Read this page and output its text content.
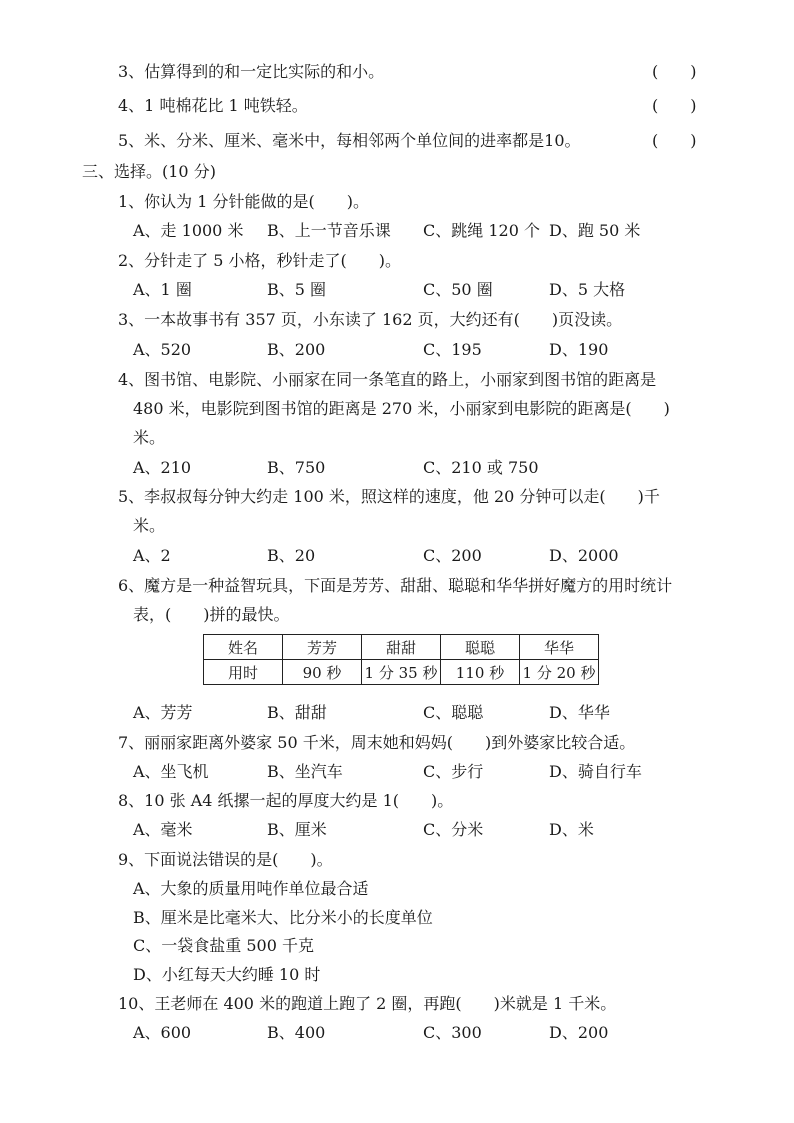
3、估算得到的和一定比实际的和小。	(　　)
4、1 吨棉花比 1 吨铁轻。	(　　)
5、米、分米、厘米、毫米中，每相邻两个单位间的进率都是10。	(　　)
三、选择。(10 分)
1、你认为 1 分针能做的是(　　)。
A、走 1000 米 B、上一节音乐课 C、跳绳 120 个 D、跑 50 米
2、分针走了 5 小格，秒针走了(　　)。
A、1 圈	B、5 圈	C、50 圈	D、5 大格
3、一本故事书有 357 页，小东读了 162 页，大约还有(　　)页没读。
A、520	B、200	C、195	D、190
4、图书馆、电影院、小丽家在同一条笔直的路上，小丽家到图书馆的距离是
480 米，电影院到图书馆的距离是 270 米，小丽家到电影院的距离是(　　)
米。
A、210	B、750	C、210 或 750
5、李叔叔每分钟大约走 100 米，照这样的速度，他 20 分钟可以走(　　)千
米。
A、2	B、20	C、200	D、2000
6、魔方是一种益智玩具，下面是芳芳、甜甜、聪聪和华华拼好魔方的用时统计
表，(　　)拼的最快。
姓名	芳芳	甜甜	聪聪	华华
用时	90 秒	1 分 35 秒	110 秒	1 分 20 秒
A、芳芳	B、甜甜	C、聪聪	D、华华
7、丽丽家距离外婆家 50 千米，周末她和妈妈(　　)到外婆家比较合适。
A、坐飞机	B、坐汽车	C、步行	D、骑自行车
8、10 张 A4 纸摞一起的厚度大约是 1(　　)。
A、毫米	B、厘米	C、分米	D、米
9、下面说法错误的是(　　)。
A、大象的质量用吨作单位最合适
B、厘米是比毫米大、比分米小的长度单位
C、一袋食盐重 500 千克
D、小红每天大约睡 10 时
10、王老师在 400 米的跑道上跑了 2 圈，再跑(　　)米就是 1 千米。
A、600	B、400	C、300	D、200
